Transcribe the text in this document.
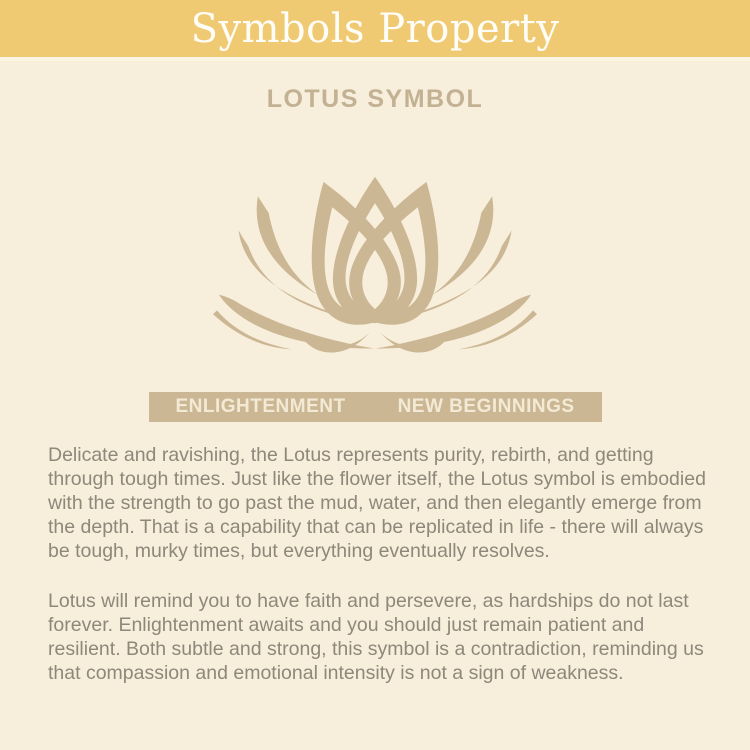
Symbols Property
LOTUS SYMBOL
ENLIGHTENMENT	NEW BEGINNINGS

Delicate and ravishing, the Lotus represents purity, rebirth, and getting through tough times. Just like the flower itself, the Lotus symbol is embodied with the strength to go past the mud, water, and then elegantly emerge from the depth. That is a capability that can be replicated in life - there will always be tough, murky times, but everything eventually resolves.

Lotus will remind you to have faith and persevere, as hardships do not last forever. Enlightenment awaits and you should just remain patient and resilient. Both subtle and strong, this symbol is a contradiction, reminding us that compassion and emotional intensity is not a sign of weakness.
